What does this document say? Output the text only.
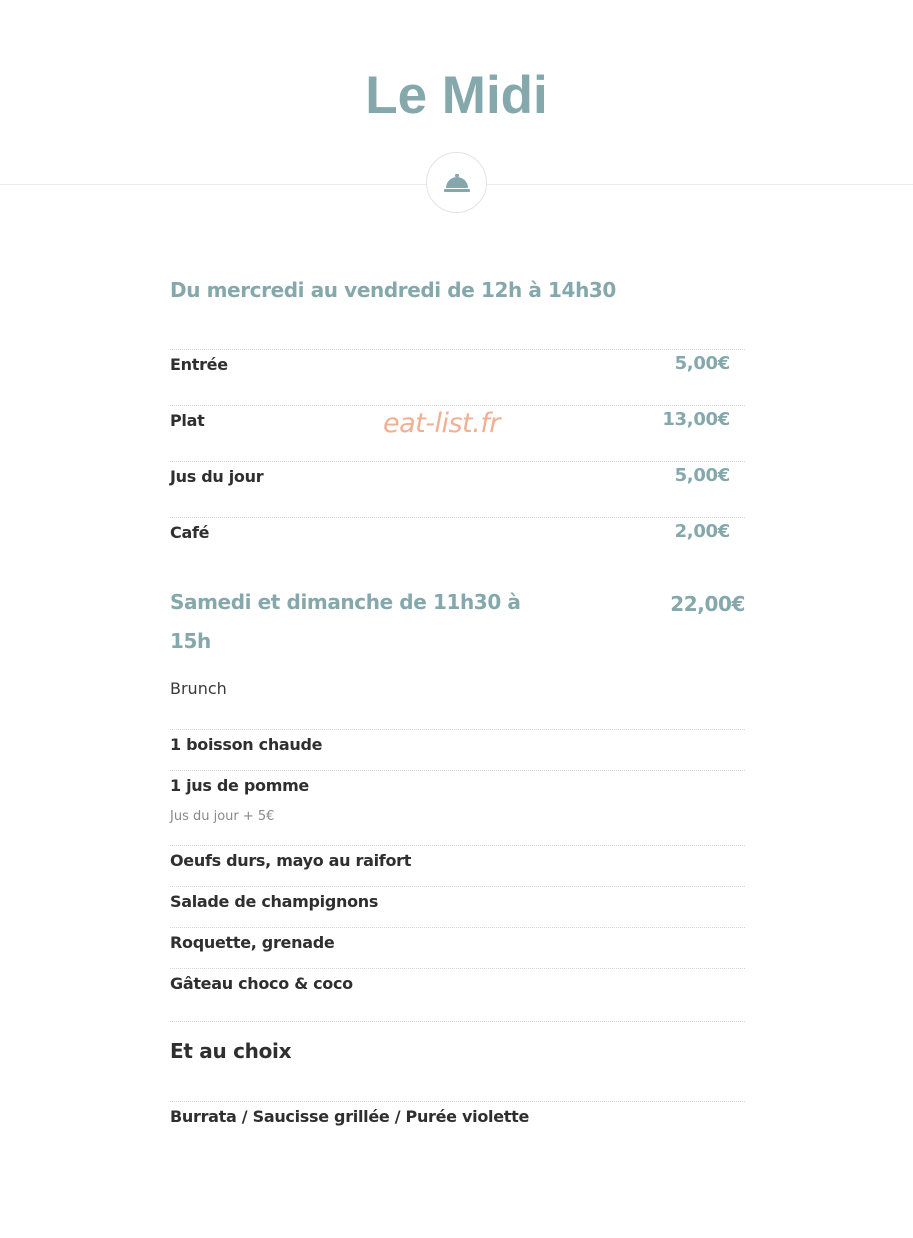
Le Midi
Du mercredi au vendredi de 12h à 14h30
Entrée	5,00€
Plat	13,00€
eat-list.fr
Jus du jour	5,00€
Café	2,00€
Samedi et dimanche de 11h30 à
15h
22,00€
Brunch
1 boisson chaude
1 jus de pomme
Jus du jour + 5€
Oeufs durs, mayo au raifort
Salade de champignons
Roquette, grenade
Gâteau choco & coco
Et au choix
Burrata / Saucisse grillée / Purée violette
